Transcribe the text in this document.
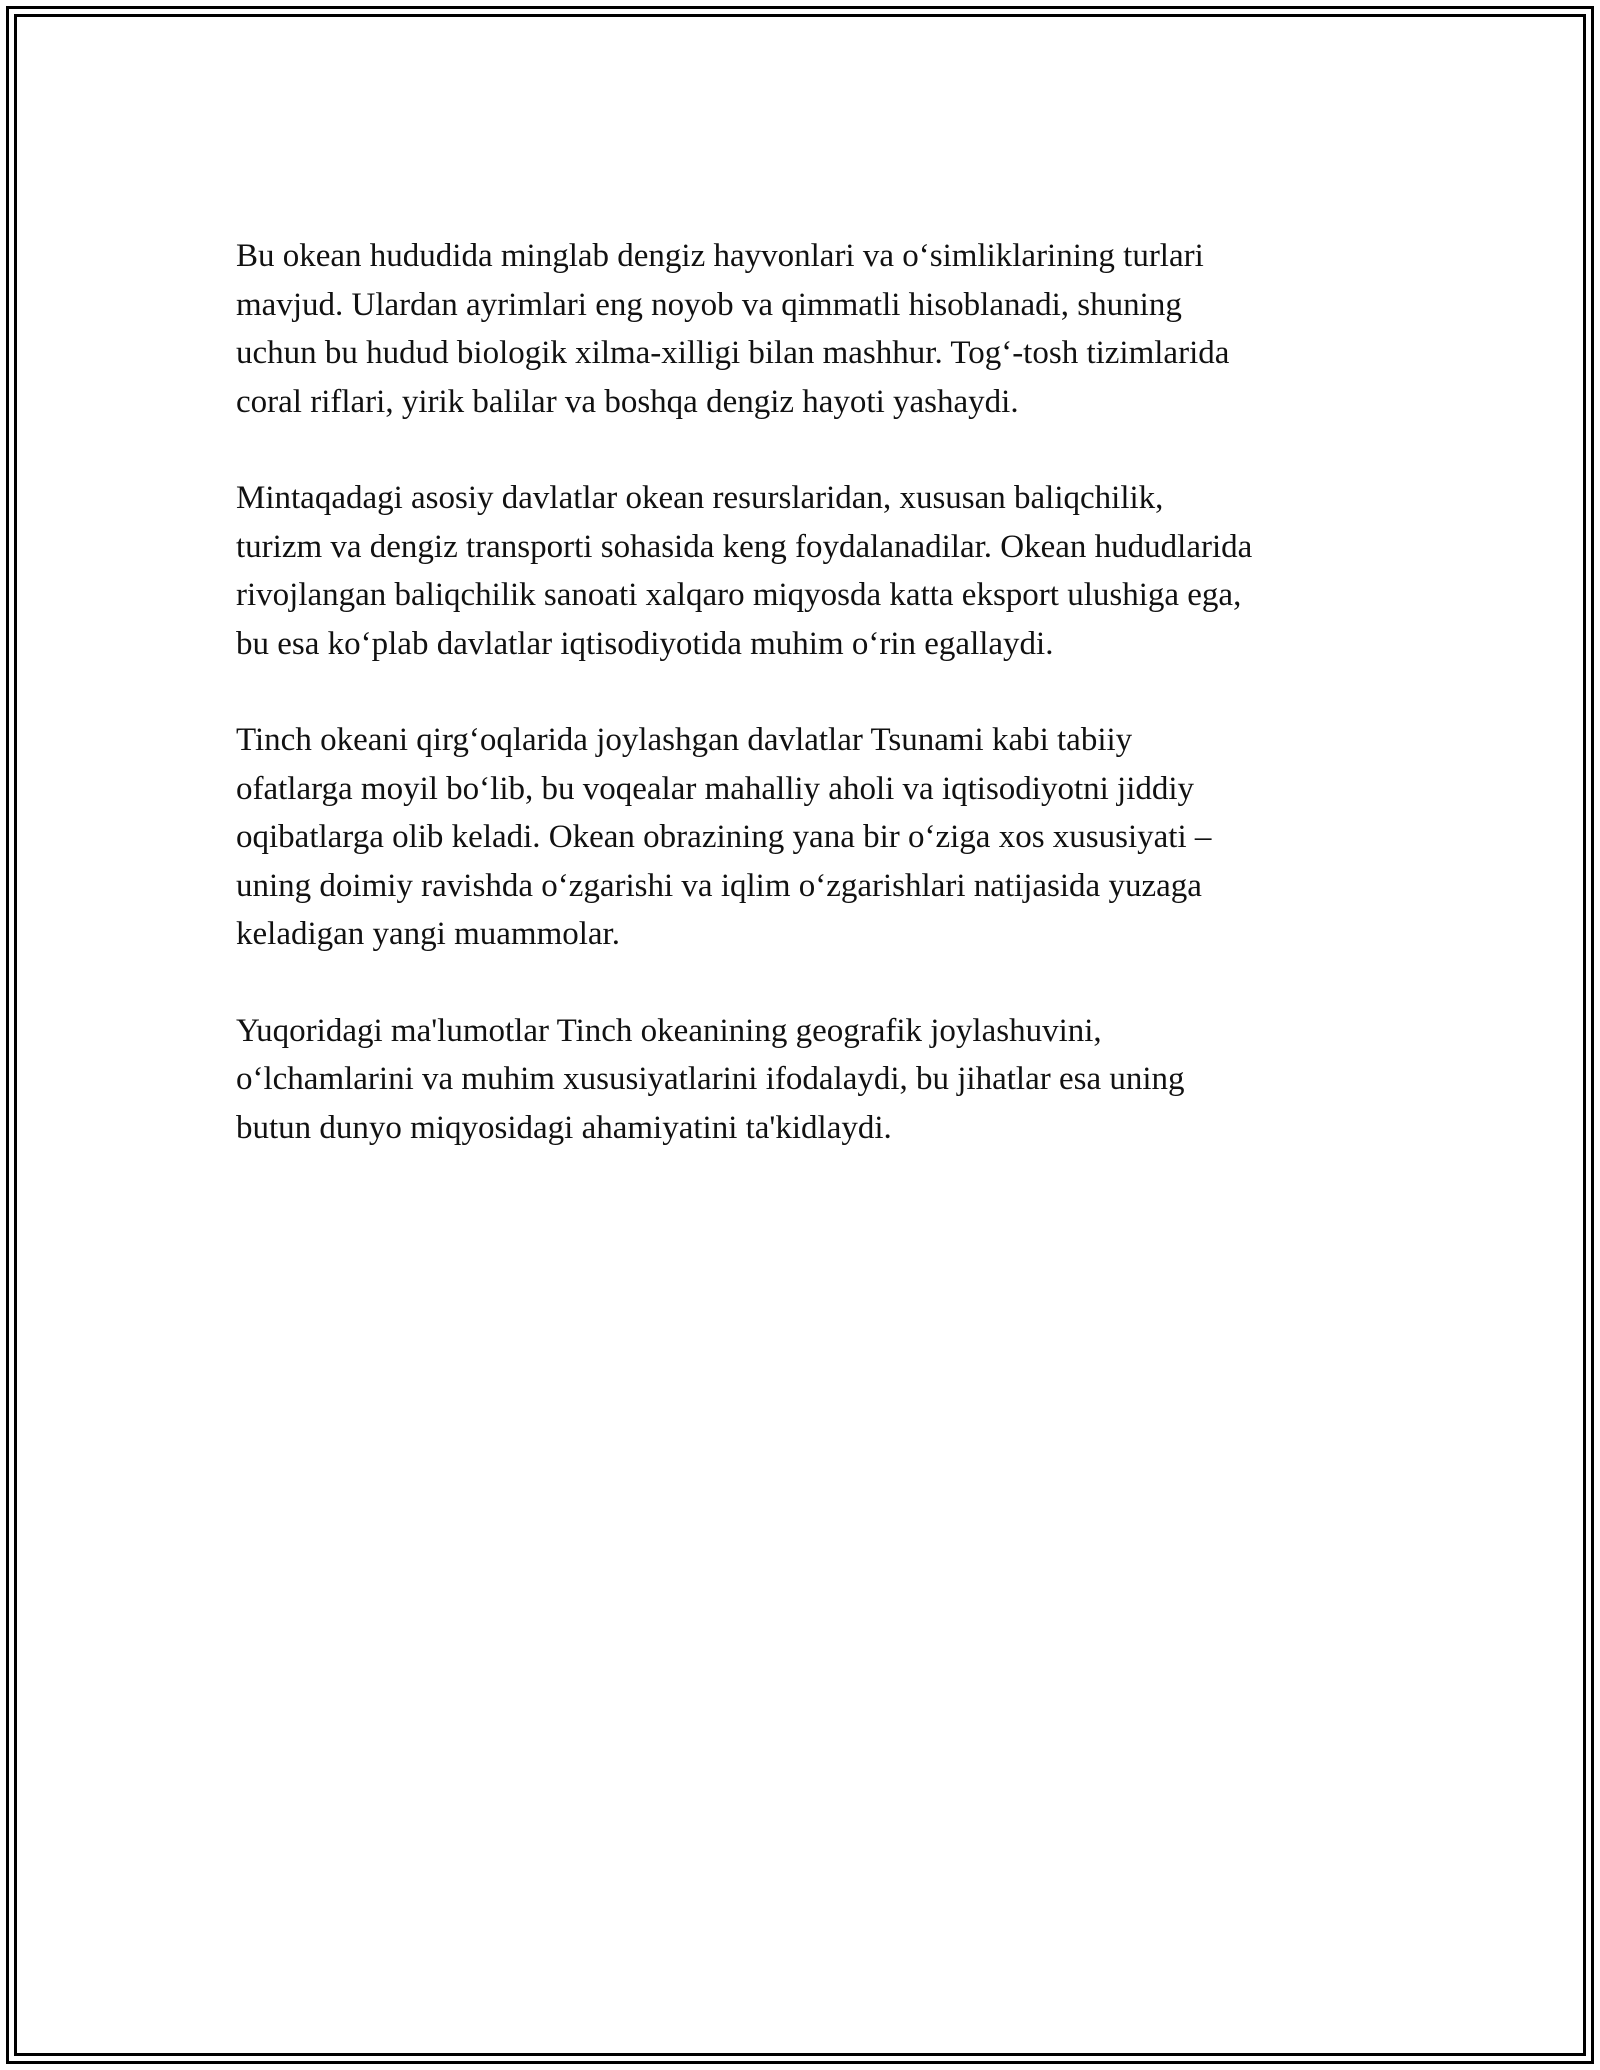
Bu okean hududida minglab dengiz hayvonlari va o‘simliklarining turlari
mavjud. Ulardan ayrimlari eng noyob va qimmatli hisoblanadi, shuning
uchun bu hudud biologik xilma-xilligi bilan mashhur. Tog‘-tosh tizimlarida
coral riflari, yirik balilar va boshqa dengiz hayoti yashaydi.

Mintaqadagi asosiy davlatlar okean resurslaridan, xususan baliqchilik,
turizm va dengiz transporti sohasida keng foydalanadilar. Okean hududlarida
rivojlangan baliqchilik sanoati xalqaro miqyosda katta eksport ulushiga ega,
bu esa ko‘plab davlatlar iqtisodiyotida muhim o‘rin egallaydi.

Tinch okeani qirg‘oqlarida joylashgan davlatlar Tsunami kabi tabiiy
ofatlarga moyil bo‘lib, bu voqealar mahalliy aholi va iqtisodiyotni jiddiy
oqibatlarga olib keladi. Okean obrazining yana bir o‘ziga xos xususiyati –
uning doimiy ravishda o‘zgarishi va iqlim o‘zgarishlari natijasida yuzaga
keladigan yangi muammolar.

Yuqoridagi ma'lumotlar Tinch okeanining geografik joylashuvini,
o‘lchamlarini va muhim xususiyatlarini ifodalaydi, bu jihatlar esa uning
butun dunyo miqyosidagi ahamiyatini ta'kidlaydi.
